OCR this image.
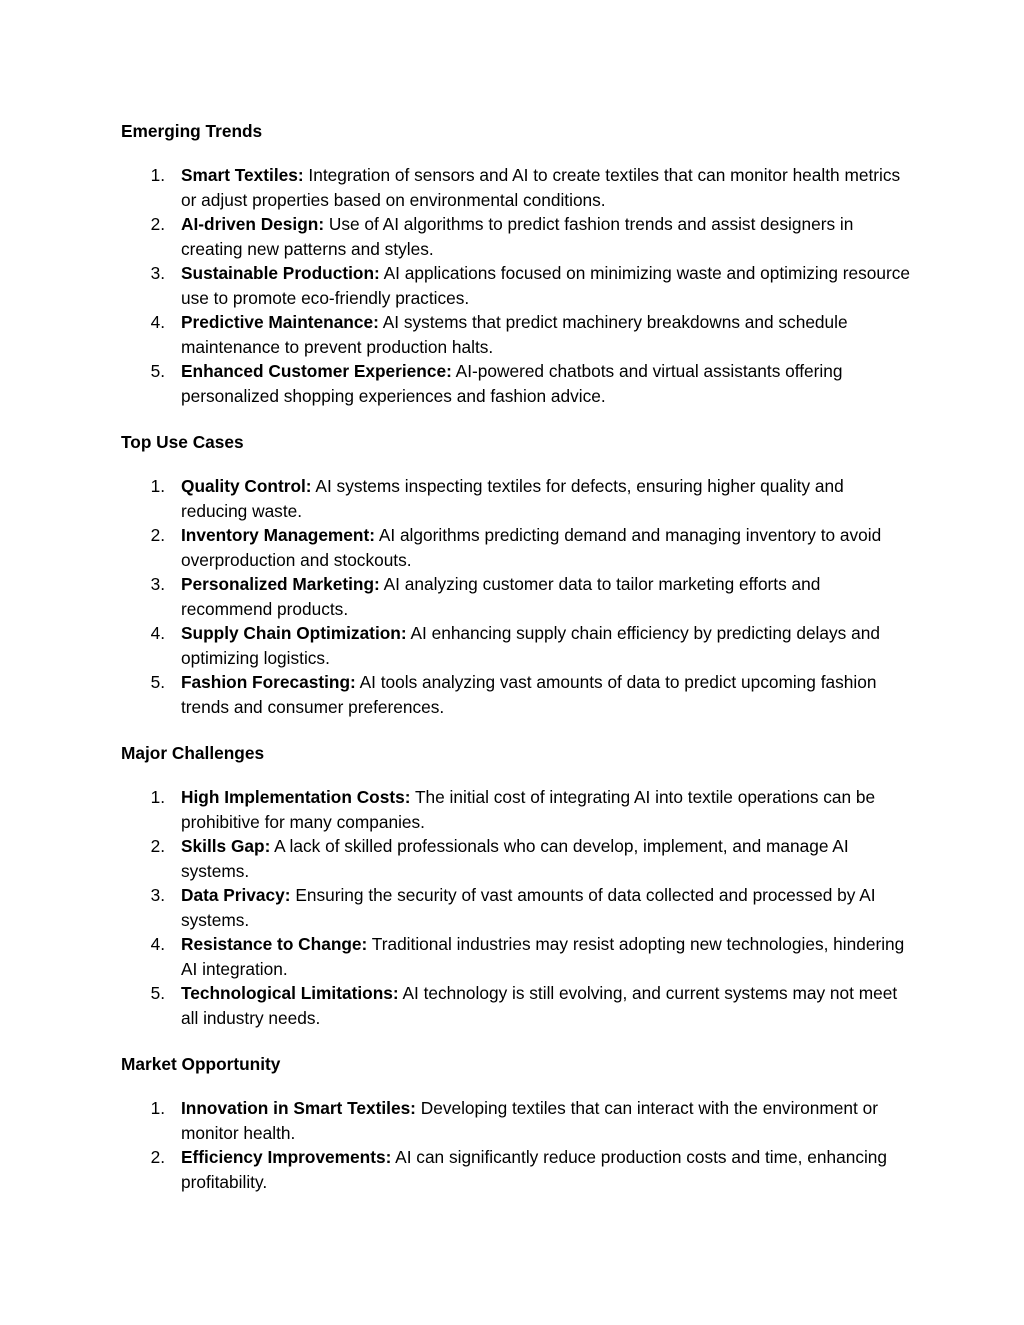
Emerging Trends
1. Smart Textiles: Integration of sensors and AI to create textiles that can monitor health metrics or adjust properties based on environmental conditions.
2. AI-driven Design: Use of AI algorithms to predict fashion trends and assist designers in creating new patterns and styles.
3. Sustainable Production: AI applications focused on minimizing waste and optimizing resource use to promote eco-friendly practices.
4. Predictive Maintenance: AI systems that predict machinery breakdowns and schedule maintenance to prevent production halts.
5. Enhanced Customer Experience: AI-powered chatbots and virtual assistants offering personalized shopping experiences and fashion advice.
Top Use Cases
1. Quality Control: AI systems inspecting textiles for defects, ensuring higher quality and reducing waste.
2. Inventory Management: AI algorithms predicting demand and managing inventory to avoid overproduction and stockouts.
3. Personalized Marketing: AI analyzing customer data to tailor marketing efforts and recommend products.
4. Supply Chain Optimization: AI enhancing supply chain efficiency by predicting delays and optimizing logistics.
5. Fashion Forecasting: AI tools analyzing vast amounts of data to predict upcoming fashion trends and consumer preferences.
Major Challenges
1. High Implementation Costs: The initial cost of integrating AI into textile operations can be prohibitive for many companies.
2. Skills Gap: A lack of skilled professionals who can develop, implement, and manage AI systems.
3. Data Privacy: Ensuring the security of vast amounts of data collected and processed by AI systems.
4. Resistance to Change: Traditional industries may resist adopting new technologies, hindering AI integration.
5. Technological Limitations: AI technology is still evolving, and current systems may not meet all industry needs.
Market Opportunity
1. Innovation in Smart Textiles: Developing textiles that can interact with the environment or monitor health.
2. Efficiency Improvements: AI can significantly reduce production costs and time, enhancing profitability.
